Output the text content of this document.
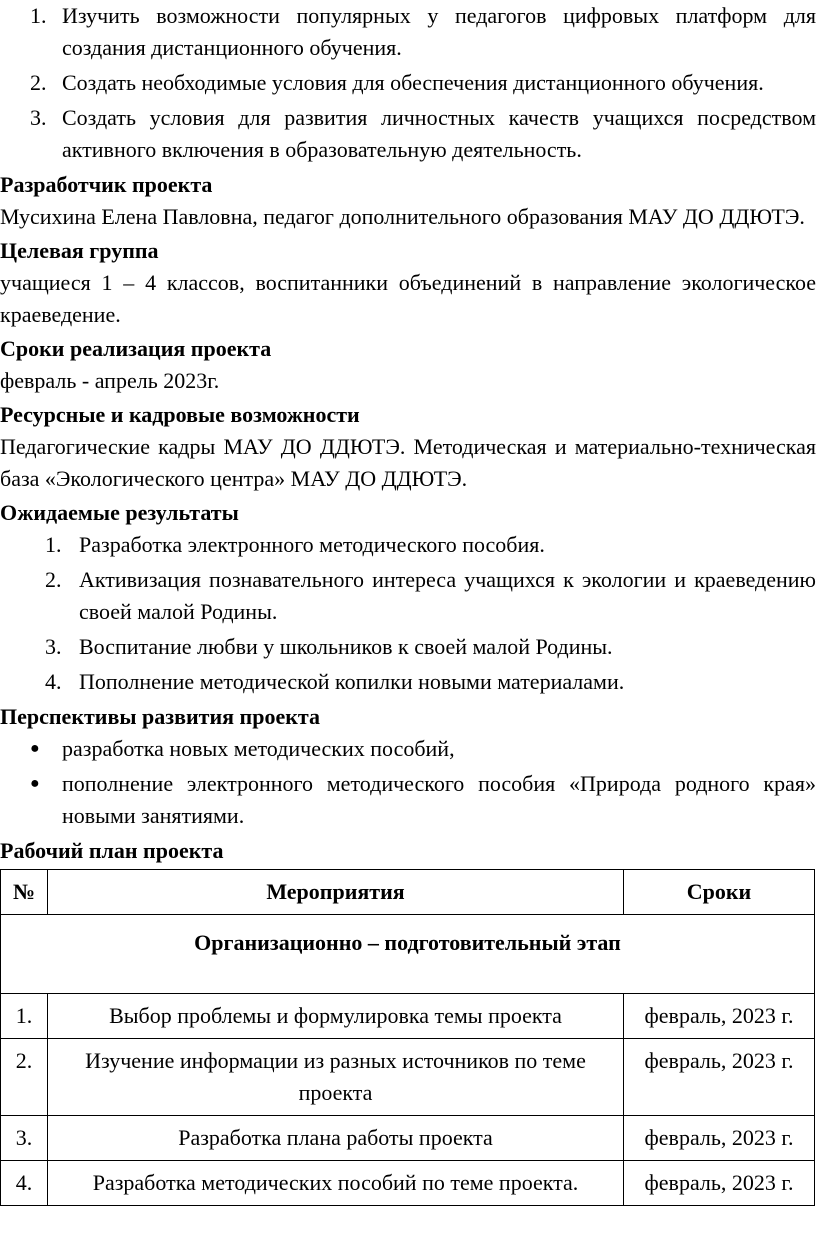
1. Изучить возможности популярных у педагогов цифровых платформ для создания дистанционного обучения.
2. Создать необходимые условия для обеспечения дистанционного обучения.
3. Создать условия для развития личностных качеств учащихся посредством активного включения в образовательную деятельность.
Разработчик проекта
Мусихина Елена Павловна, педагог дополнительного образования МАУ ДО ДДЮТЭ.
Целевая группа
учащиеся 1 – 4 классов, воспитанники объединений в направление экологическое краеведение.
Сроки реализация проекта
февраль - апрель 2023г.
Ресурсные и кадровые возможности
Педагогические кадры МАУ ДО ДДЮТЭ. Методическая и материально-техническая база «Экологического центра» МАУ ДО ДДЮТЭ.
Ожидаемые результаты
1. Разработка электронного методического пособия.
2. Активизация познавательного интереса учащихся к экологии и краеведению своей малой Родины.
3. Воспитание любви у школьников к своей малой Родины.
4. Пополнение методической копилки новыми материалами.
Перспективы развития проекта
● разработка новых методических пособий,
● пополнение электронного методического пособия «Природа родного края» новыми занятиями.
Рабочий план проекта
№	Мероприятия	Сроки
Организационно – подготовительный этап		
1.	Выбор проблемы и формулировка темы проекта	февраль, 2023 г.
2.	Изучение информации из разных источников по теме проекта	февраль, 2023 г.
3.	Разработка плана работы проекта	февраль, 2023 г.
4.	Разработка методических пособий по теме проекта.	февраль, 2023 г.
